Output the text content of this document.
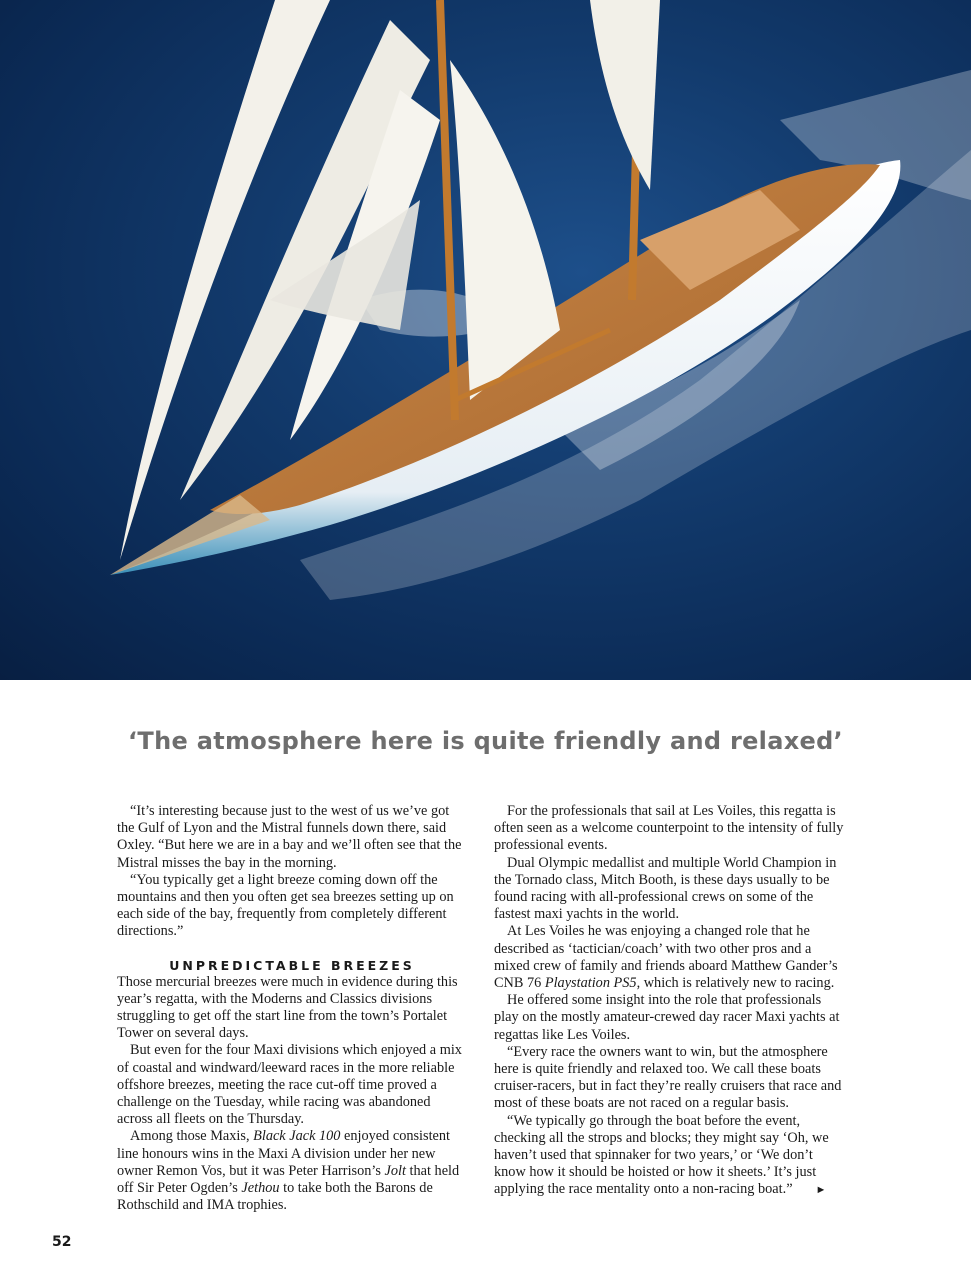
‘The atmosphere here is quite friendly and relaxed’

“It’s interesting because just to the west of us we’ve got the Gulf of Lyon and the Mistral funnels down there, said Oxley. “But here we are in a bay and we’ll often see that the Mistral misses the bay in the morning.

“You typically get a light breeze coming down off the mountains and then you often get sea breezes setting up on each side of the bay, frequently from completely different directions.”

UNPREDICTABLE BREEZES

Those mercurial breezes were much in evidence during this year’s regatta, with the Moderns and Classics divisions struggling to get off the start line from the town’s Portalet Tower on several days.

But even for the four Maxi divisions which enjoyed a mix of coastal and windward/leeward races in the more reliable offshore breezes, meeting the race cut-off time proved a challenge on the Tuesday, while racing was abandoned across all fleets on the Thursday.

Among those Maxis, Black Jack 100 enjoyed consistent line honours wins in the Maxi A division under her new owner Remon Vos, but it was Peter Harrison’s Jolt that held off Sir Peter Ogden’s Jethou to take both the Barons de Rothschild and IMA trophies.

For the professionals that sail at Les Voiles, this regatta is often seen as a welcome counterpoint to the intensity of fully professional events.

Dual Olympic medallist and multiple World Champion in the Tornado class, Mitch Booth, is these days usually to be found racing with all-professional crews on some of the fastest maxi yachts in the world.

At Les Voiles he was enjoying a changed role that he described as ‘tactician/coach’ with two other pros and a mixed crew of family and friends aboard Matthew Gander’s CNB 76 Playstation PS5, which is relatively new to racing.

He offered some insight into the role that professionals play on the mostly amateur-crewed day racer Maxi yachts at regattas like Les Voiles.

“Every race the owners want to win, but the atmosphere here is quite friendly and relaxed too. We call these boats cruiser-racers, but in fact they’re really cruisers that race and most of these boats are not raced on a regular basis.

“We typically go through the boat before the event, checking all the strops and blocks; they might say ‘Oh, we haven’t used that spinnaker for two years,’ or ‘We don’t know how it should be hoisted or how it sheets.’ It’s just applying the race mentality onto a non-racing boat.” ►

52
